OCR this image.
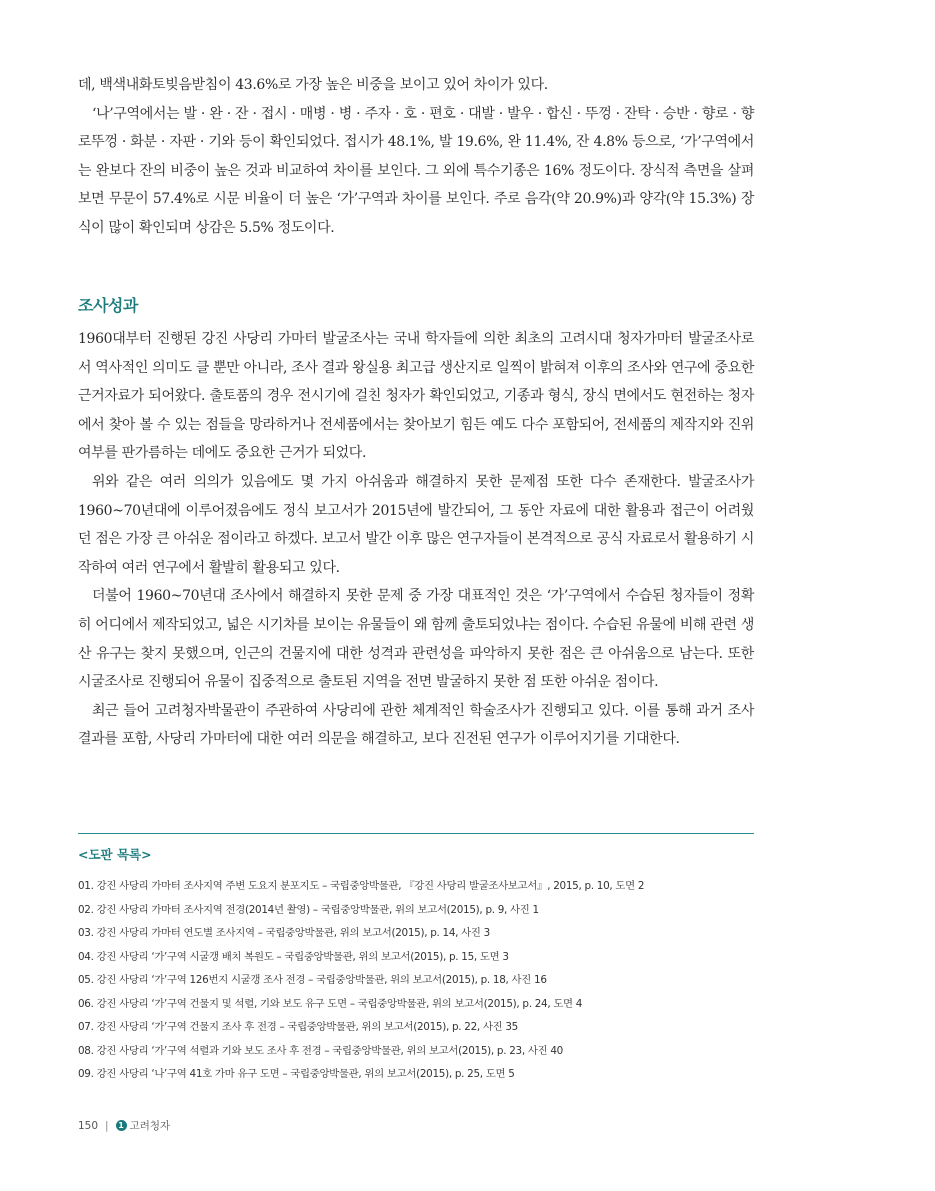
데, 백색내화토빚음받침이 43.6%로 가장 높은 비중을 보이고 있어 차이가 있다.

‘나’구역에서는 발 · 완 · 잔 · 접시 · 매병 · 병 · 주자 · 호 · 편호 · 대발 · 발우 · 합신 · 뚜껑 · 잔탁 · 승반 · 향로 · 향로뚜껑 · 화분 · 자판 · 기와 등이 확인되었다. 접시가 48.1%, 발 19.6%, 완 11.4%, 잔 4.8% 등으로, ‘가’구역에서는 완보다 잔의 비중이 높은 것과 비교하여 차이를 보인다. 그 외에 특수기종은 16% 정도이다. 장식적 측면을 살펴보면 무문이 57.4%로 시문 비율이 더 높은 ‘가’구역과 차이를 보인다. 주로 음각(약 20.9%)과 양각(약 15.3%) 장식이 많이 확인되며 상감은 5.5% 정도이다.

조사성과

1960대부터 진행된 강진 사당리 가마터 발굴조사는 국내 학자들에 의한 최초의 고려시대 청자가마터 발굴조사로서 역사적인 의미도 클 뿐만 아니라, 조사 결과 왕실용 최고급 생산지로 일찍이 밝혀져 이후의 조사와 연구에 중요한 근거자료가 되어왔다. 출토품의 경우 전시기에 걸친 청자가 확인되었고, 기종과 형식, 장식 면에서도 현전하는 청자에서 찾아 볼 수 있는 점들을 망라하거나 전세품에서는 찾아보기 힘든 예도 다수 포함되어, 전세품의 제작지와 진위 여부를 판가름하는 데에도 중요한 근거가 되었다.

위와 같은 여러 의의가 있음에도 몇 가지 아쉬움과 해결하지 못한 문제점 또한 다수 존재한다. 발굴조사가 1960~70년대에 이루어졌음에도 정식 보고서가 2015년에 발간되어, 그 동안 자료에 대한 활용과 접근이 어려웠던 점은 가장 큰 아쉬운 점이라고 하겠다. 보고서 발간 이후 많은 연구자들이 본격적으로 공식 자료로서 활용하기 시작하여 여러 연구에서 활발히 활용되고 있다.

더불어 1960~70년대 조사에서 해결하지 못한 문제 중 가장 대표적인 것은 ‘가’구역에서 수습된 청자들이 정확히 어디에서 제작되었고, 넓은 시기차를 보이는 유물들이 왜 함께 출토되었냐는 점이다. 수습된 유물에 비해 관련 생산 유구는 찾지 못했으며, 인근의 건물지에 대한 성격과 관련성을 파악하지 못한 점은 큰 아쉬움으로 남는다. 또한 시굴조사로 진행되어 유물이 집중적으로 출토된 지역을 전면 발굴하지 못한 점 또한 아쉬운 점이다.

최근 들어 고려청자박물관이 주관하여 사당리에 관한 체계적인 학술조사가 진행되고 있다. 이를 통해 과거 조사 결과를 포함, 사당리 가마터에 대한 여러 의문을 해결하고, 보다 진전된 연구가 이루어지기를 기대한다.

<도판 목록>
01. 강진 사당리 가마터 조사지역 주변 도요지 분포지도 – 국립중앙박물관, 『강진 사당리 발굴조사보고서』, 2015, p. 10, 도면 2
02. 강진 사당리 가마터 조사지역 전경(2014년 촬영) – 국립중앙박물관, 위의 보고서(2015), p. 9, 사진 1
03. 강진 사당리 가마터 연도별 조사지역 – 국립중앙박물관, 위의 보고서(2015), p. 14, 사진 3
04. 강진 사당리 ‘가’구역 시굴갱 배치 복원도 – 국립중앙박물관, 위의 보고서(2015), p. 15, 도면 3
05. 강진 사당리 ‘가’구역 126번지 시굴갱 조사 전경 – 국립중앙박물관, 위의 보고서(2015), p. 18, 사진 16
06. 강진 사당리 ‘가’구역 건물지 및 석렬, 기와 보도 유구 도면 – 국립중앙박물관, 위의 보고서(2015), p. 24, 도면 4
07. 강진 사당리 ‘가’구역 건물지 조사 후 전경 – 국립중앙박물관, 위의 보고서(2015), p. 22, 사진 35
08. 강진 사당리 ‘가’구역 석렬과 기와 보도 조사 후 전경 – 국립중앙박물관, 위의 보고서(2015), p. 23, 사진 40
09. 강진 사당리 ‘나’구역 41호 가마 유구 도면 – 국립중앙박물관, 위의 보고서(2015), p. 25, 도면 5
150 |	1 고려청자
